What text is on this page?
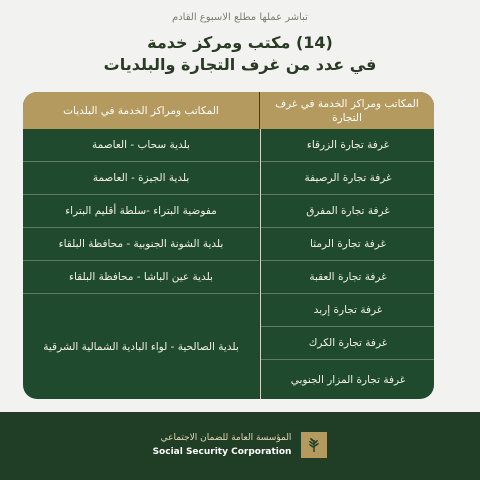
تباشر عملها مطلع الاسبوع القادم
(14) مكتب ومركز خدمة
في عدد من غرف التجارة والبلديات
المكاتب ومراكز الخدمة في البلديات
المكاتب ومراكز الخدمة في غرف التجارة
غرفة تجارة الزرقاء
غرفة تجارة الرصيفة
غرفة تجارة المفرق
غرفة تجارة الرمثا
غرفة تجارة العقبة
غرفة تجارة إربد
غرفة تجارة الكرك
غرفة تجارة المزار الجنوبي
بلدية سحاب - العاصمة
بلدية الجيزة - العاصمة
مفوضية البتراء -سلطة أقليم البتراء
بلدية الشونة الجنوبية - محافظة البلقاء
بلدية عين الباشا - محافظة البلقاء
بلدية الصالحية - لواء البادية الشمالية الشرقية
المؤسسة العامة للضمان الاجتماعي
Social Security Corporation
